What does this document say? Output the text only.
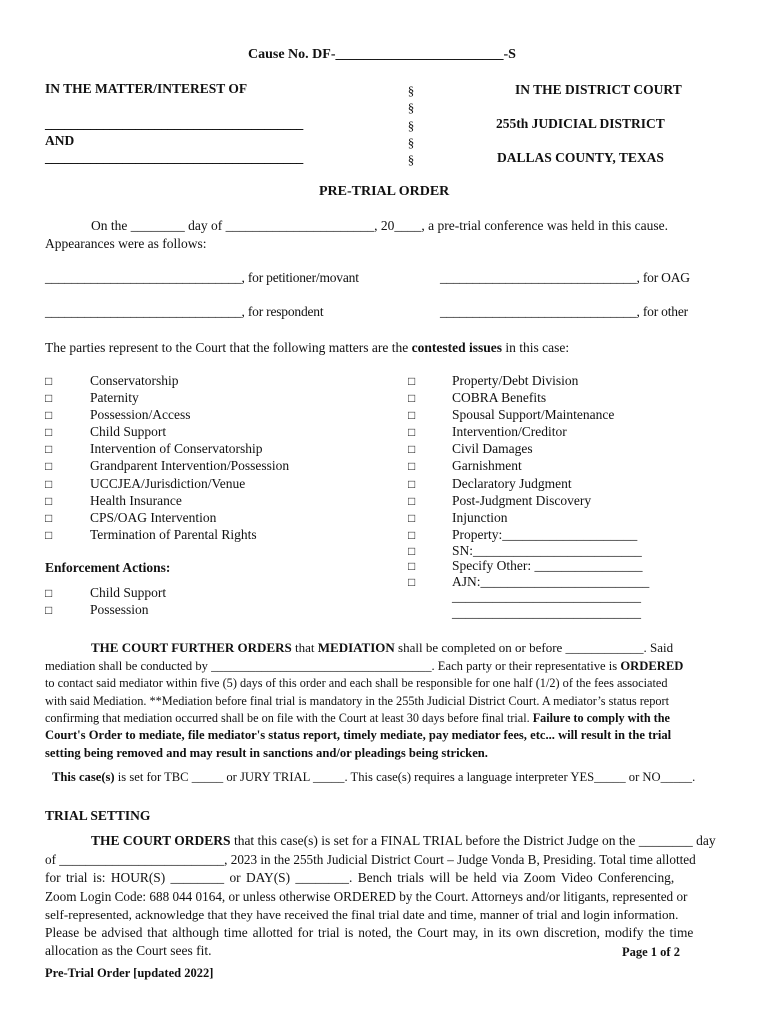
Cause No. DF-________________________-S
IN THE MATTER/INTEREST OF
________________________________________
AND
________________________________________
§
§
§
§
§
IN THE DISTRICT COURT
255th JUDICIAL DISTRICT
DALLAS COUNTY, TEXAS
PRE-TRIAL ORDER
On the ________ day of ______________________, 20____, a pre-trial conference was held in this cause.
Appearances were as follows:
______________________________, for petitioner/movant	______________________________, for OAG
______________________________, for respondent	______________________________, for other
The parties represent to the Court that the following matters are the contested issues in this case:
□	Conservatorship
□	Paternity
□	Possession/Access
□	Child Support
□	Intervention of Conservatorship
□	Grandparent Intervention/Possession
□	UCCJEA/Jurisdiction/Venue
□	Health Insurance
□	CPS/OAG Intervention
□	Termination of Parental Rights
Enforcement Actions:
□	Child Support
□	Possession
□	Property/Debt Division
□	COBRA Benefits
□	Spousal Support/Maintenance
□	Intervention/Creditor
□	Civil Damages
□	Garnishment
□	Declaratory Judgment
□	Post-Judgment Discovery
□	Injunction
□	Property:____________________
□	SN:_________________________
□	Specify Other: ________________
□	AJN:_________________________
____________________________
____________________________
THE COURT FURTHER ORDERS that MEDIATION shall be completed on or before ____________. Said
mediation shall be conducted by ___________________________________. Each party or their representative is ORDERED
to contact said mediator within five (5) days of this order and each shall be responsible for one half (1/2) of the fees associated
with said Mediation. **Mediation before final trial is mandatory in the 255th Judicial District Court. A mediator’s status report
confirming that mediation occurred shall be on file with the Court at least 30 days before final trial. Failure to comply with the
Court's Order to mediate, file mediator's status report, timely mediate, pay mediator fees, etc... will result in the trial
setting being removed and may result in sanctions and/or pleadings being stricken.
This case(s) is set for TBC _____ or JURY TRIAL _____. This case(s) requires a language interpreter YES_____ or NO_____.
TRIAL SETTING
THE COURT ORDERS that this case(s) is set for a FINAL TRIAL before the District Judge on the ________ day
of _________________________, 2023 in the 255th Judicial District Court – Judge Vonda B, Presiding. Total time allotted
for trial is: HOUR(S) ________ or DAY(S) ________. Bench trials will be held via Zoom Video Conferencing,
Zoom Login Code: 688 044 0164, or unless otherwise ORDERED by the Court. Attorneys and/or litigants, represented or
self-represented, acknowledge that they have received the final trial date and time, manner of trial and login information.
Please be advised that although time allotted for trial is noted, the Court may, in its own discretion, modify the time
allocation as the Court sees fit.	Page 1 of 2
Pre-Trial Order [updated 2022]
